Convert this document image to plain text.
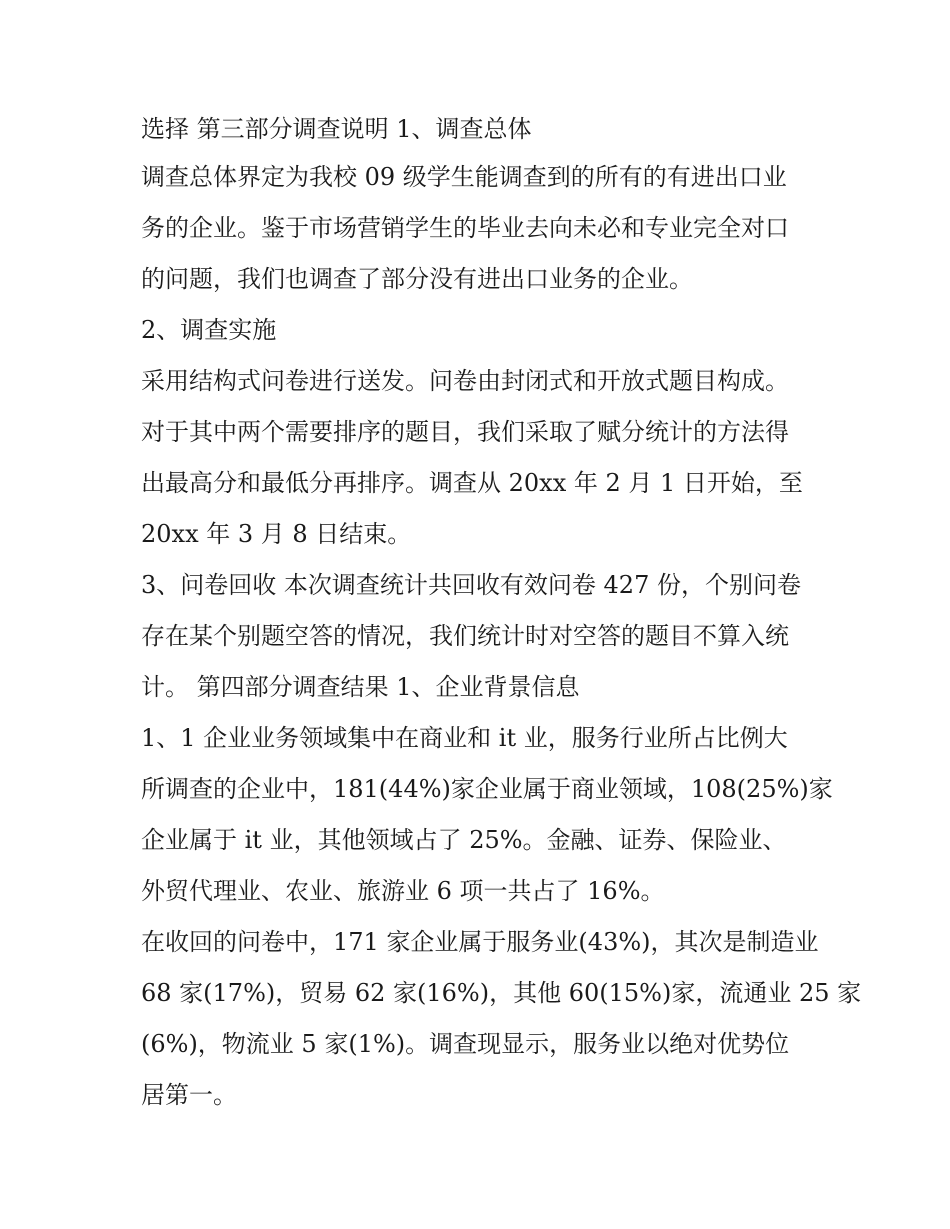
选择 第三部分调查说明 1、调查总体
调查总体界定为我校 09 级学生能调查到的所有的有进出口业
务的企业。鉴于市场营销学生的毕业去向未必和专业完全对口
的问题，我们也调查了部分没有进出口业务的企业。
2、调查实施
采用结构式问卷进行送发。问卷由封闭式和开放式题目构成。
对于其中两个需要排序的题目，我们采取了赋分统计的方法得
出最高分和最低分再排序。调查从 20xx 年 2 月 1 日开始，至
20xx 年 3 月 8 日结束。
3、问卷回收 本次调查统计共回收有效问卷 427 份，个别问卷
存在某个别题空答的情况，我们统计时对空答的题目不算入统
计。 第四部分调查结果 1、企业背景信息
1、1 企业业务领域集中在商业和 it 业，服务行业所占比例大
所调查的企业中，181(44%)家企业属于商业领域，108(25%)家
企业属于 it 业，其他领域占了 25%。金融、证券、保险业、
外贸代理业、农业、旅游业 6 项一共占了 16%。
在收回的问卷中，171 家企业属于服务业(43%)，其次是制造业
68 家(17%)，贸易 62 家(16%)，其他 60(15%)家，流通业 25 家
(6%)，物流业 5 家(1%)。调查现显示，服务业以绝对优势位
居第一。
